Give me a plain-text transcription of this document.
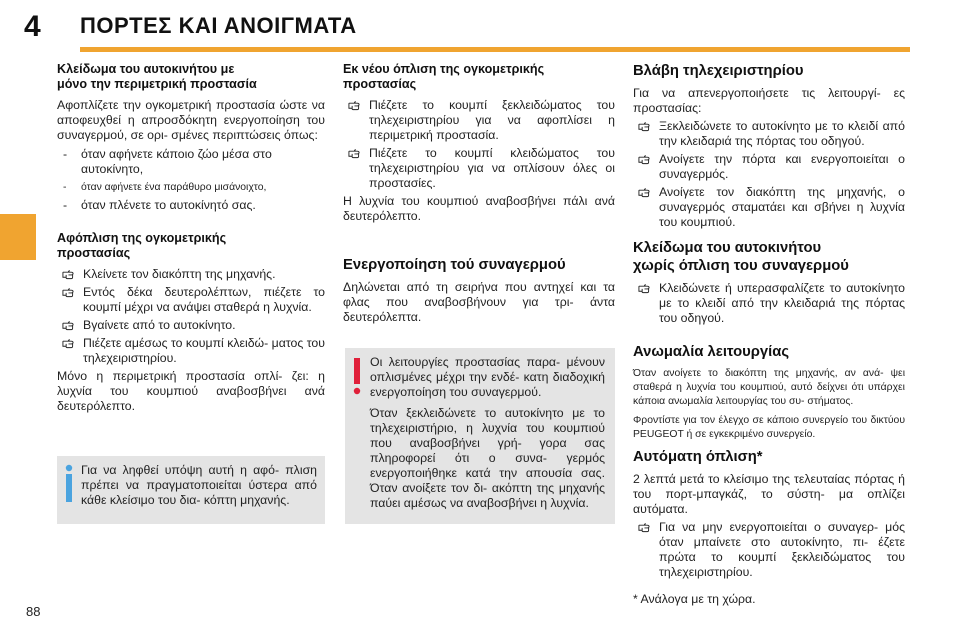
4 ΠΟΡΤΕΣ ΚΑΙ ΑΝΟΙΓΜΑΤΑ
88
Κλείδωμα του αυτοκινήτου με
μόνο την περιμετρική προστασία

Αφοπλίζετε την ογκομετρική προστασία ώστε να αποφευχθεί η απροσδόκητη ενεργοποίηση του συναγερμού, σε ορι- σμένες περιπτώσεις όπως:

- όταν αφήνετε κάποιο ζώο μέσα στο αυτοκίνητο,
- όταν αφήνετε ένα παράθυρο μισάνοιχτο,
- όταν πλένετε το αυτοκίνητό σας.
Αφόπλιση της ογκομετρικής
προστασίας
Κλείνετε τον διακόπτη της μηχανής.
Εντός δέκα δευτερολέπτων, πιέζετε το κουμπί μέχρι να ανάψει σταθερά η λυχνία.
Βγαίνετε από το αυτοκίνητο.
Πιέζετε αμέσως το κουμπί κλειδώ- ματος του τηλεχειριστηρίου.

Μόνο η περιμετρική προστασία οπλί- ζει: η λυχνία του κουμπιού αναβοσβήνει ανά δευτερόλεπτο.

Για να ληφθεί υπόψη αυτή η αφό- πλιση πρέπει να πραγματοποιείται ύστερα από κάθε κλείσιμο του δια- κόπτη μηχανής.
Εκ νέου όπλιση της ογκομετρικής
προστασίας
Πιέζετε το κουμπί ξεκλειδώματος του τηλεχειριστηρίου για να αφοπλίσει η περιμετρική προστασία.
Πιέζετε το κουμπί κλειδώματος του τηλεχειριστηρίου για να οπλίσουν όλες οι προστασίες.

Η λυχνία του κουμπιού αναβοσβήνει πάλι ανά δευτερόλεπτο.

Ενεργοποίηση τού συναγερμού

Δηλώνεται από τη σειρήνα που αντηχεί και τα φλας που αναβοσβήνουν για τρι- άντα δευτερόλεπτα.

Οι λειτουργίες προστασίας παρα- μένουν οπλισμένες μέχρι την ενδέ- κατη διαδοχική ενεργοποίηση του συναγερμού.

Όταν ξεκλειδώνετε το αυτοκίνητο με το τηλεχειριστήριο, η λυχνία του κουμπιού που αναβοσβήνει γρή- γορα σας πληροφορεί ότι ο συνα- γερμός ενεργοποιήθηκε κατά την απουσία σας. Όταν ανοίξετε τον δι- ακόπτη της μηχανής παύει αμέσως να αναβοσβήνει η λυχνία.

Βλάβη τηλεχειριστηρίου

Για να απενεργοποιήσετε τις λειτουργί- ες προστασίας:

Ξεκλειδώνετε το αυτοκίνητο με το κλειδί από την κλειδαριά της πόρτας του οδηγού.
Ανοίγετε την πόρτα και ενεργοποιείται ο συναγερμός.
Ανοίγετε τον διακόπτη της μηχανής, ο συναγερμός σταματάει και σβήνει η λυχνία του κουμπιού.
Κλείδωμα του αυτοκινήτου
χωρίς όπλιση του συναγερμού
Κλειδώνετε ή υπερασφαλίζετε το αυτοκίνητο με το κλειδί από την κλειδαριά της πόρτας του οδηγού.
Ανωμαλία λειτουργίας

Όταν ανοίγετε το διακόπτη της μηχανής, αν ανά- ψει σταθερά η λυχνία του κουμπιού, αυτό δείχνει ότι υπάρχει κάποια ανωμαλία λειτουργίας του συ- στήματος.

Φροντίστε για τον έλεγχο σε κάποιο συνεργείο του δικτύου PEUGEOT ή σε εγκεκριμένο συνεργείο.

Αυτόματη όπλιση*

2 λεπτά μετά το κλείσιμο της τελευταίας πόρτας ή του πορτ-μπαγκάζ, το σύστη- μα οπλίζει αυτόματα.

Για να μην ενεργοποιείται ο συναγερ- μός όταν μπαίνετε στο αυτοκίνητο, πι- έζετε πρώτα το κουμπί ξεκλειδώματος του τηλεχειριστηρίου.
* Ανάλογα με τη χώρα.
